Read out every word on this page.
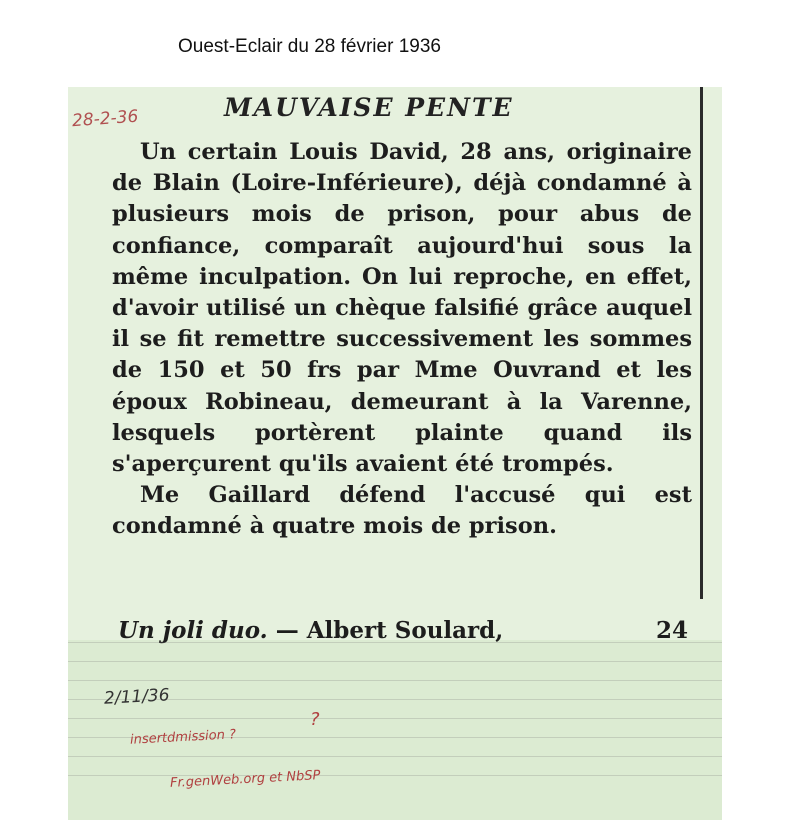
Ouest-Eclair du 28 février 1936
28-2-36	MAUVAISE PENTE

Un certain Louis David, 28 ans, originaire de Blain (Loire-Inférieure), déjà condamné à plusieurs mois de prison, pour abus de confiance, comparaît aujourd'hui sous la même inculpation. On lui reproche, en effet, d'avoir utilisé un chèque falsifié grâce auquel il se fit remettre successivement les sommes de 150 et 50 frs par Mme Ouvrand et les époux Robineau, demeurant à la Varenne, lesquels portèrent plainte quand ils s'aperçurent qu'ils avaient été trompés.

Me Gaillard défend l'accusé qui est condamné à quatre mois de prison.

Un joli duo. — Albert Soulard,	24
2/11/36
?
insertdmission ?
Fr.genWeb.org et NbSP
